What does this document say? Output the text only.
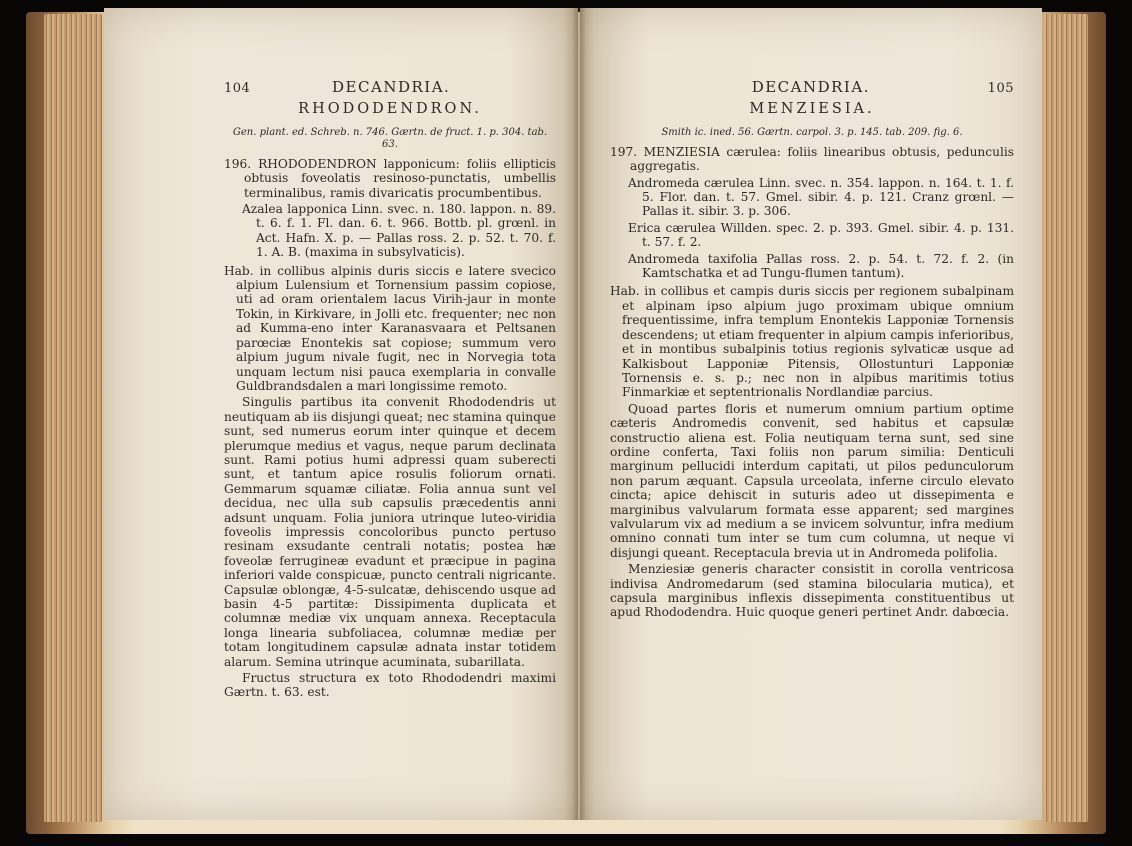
104	DECANDRIA.
RHODODENDRON.
Gen. plant. ed. Schreb. n. 746. Gærtn. de fruct. 1. p. 304. tab. 63.

196. RHODODENDRON lapponicum: foliis ellipticis obtusis foveolatis resinoso-punctatis, umbellis terminalibus, ramis divaricatis procumbentibus.

Azalea lapponica Linn. svec. n. 180. lappon. n. 89. t. 6. f. 1. Fl. dan. 6. t. 966. Bottb. pl. grœnl. in Act. Hafn. X. p. — Pallas ross. 2. p. 52. t. 70. f. 1. A. B. (maxima in subsylvaticis).

Hab. in collibus alpinis duris siccis e latere svecico alpium Lulensium et Tornensium passim copiose, uti ad oram orientalem lacus Virih-jaur in monte Tokin, in Kirkivare, in Jolli etc. frequenter; nec non ad Kumma-eno inter Karanasvaara et Peltsanen parœciæ Enontekis sat copiose; summum vero alpium jugum nivale fugit, nec in Norvegia tota unquam lectum nisi pauca exemplaria in convalle Guldbrandsdalen a mari longissime remoto.

Singulis partibus ita convenit Rhododendris ut neutiquam ab iis disjungi queat; nec stamina quinque sunt, sed numerus eorum inter quinque et decem plerumque medius et vagus, neque parum declinata sunt. Rami potius humi adpressi quam suberecti sunt, et tantum apice rosulis foliorum ornati. Gemmarum squamæ ciliatæ. Folia annua sunt vel decidua, nec ulla sub capsulis præcedentis anni adsunt unquam. Folia juniora utrinque luteo-viridia foveolis impressis concoloribus puncto pertuso resinam exsudante centrali notatis; postea hæ foveolæ ferrugineæ evadunt et præcipue in pagina inferiori valde conspicuæ, puncto centrali nigricante. Capsulæ oblongæ, 4-5-sulcatæ, dehiscendo usque ad basin 4-5 partitæ: Dissipimenta duplicata et columnæ mediæ vix unquam annexa. Receptacula longa linearia subfoliacea, columnæ mediæ per totam longitudinem capsulæ adnata instar totidem alarum. Semina utrinque acuminata, subarillata.

Fructus structura ex toto Rhododendri maximi Gærtn. t. 63. est.

DECANDRIA.	105
MENZIESIA.
Smith ic. ined. 56. Gærtn. carpol. 3. p. 145. tab. 209. fig. 6.

197. MENZIESIA cærulea: foliis linearibus obtusis, pedunculis aggregatis.

Andromeda cærulea Linn. svec. n. 354. lappon. n. 164. t. 1. f. 5. Flor. dan. t. 57. Gmel. sibir. 4. p. 121. Cranz grœnl. — Pallas it. sibir. 3. p. 306.

Erica cærulea Willden. spec. 2. p. 393. Gmel. sibir. 4. p. 131. t. 57. f. 2.

Andromeda taxifolia Pallas ross. 2. p. 54. t. 72. f. 2. (in Kamtschatka et ad Tungu-flumen tantum).

Hab. in collibus et campis duris siccis per regionem subalpinam et alpinam ipso alpium jugo proximam ubique omnium frequentissime, infra templum Enontekis Lapponiæ Tornensis descendens; ut etiam frequenter in alpium campis inferioribus, et in montibus subalpinis totius regionis sylvaticæ usque ad Kalkisbout Lapponiæ Pitensis, Ollostunturi Lapponiæ Tornensis e. s. p.; nec non in alpibus maritimis totius Finmarkiæ et septentrionalis Nordlandiæ parcius.

Quoad partes floris et numerum omnium partium optime cæteris Andromedis convenit, sed habitus et capsulæ constructio aliena est. Folia neutiquam terna sunt, sed sine ordine conferta, Taxi foliis non parum similia: Denticuli marginum pellucidi interdum capitati, ut pilos pedunculorum non parum æquant. Capsula urceolata, inferne circulo elevato cincta; apice dehiscit in suturis adeo ut dissepimenta e marginibus valvularum formata esse apparent; sed margines valvularum vix ad medium a se invicem solvuntur, infra medium omnino connati tum inter se tum cum columna, ut neque vi disjungi queant. Receptacula brevia ut in Andromeda polifolia.

Menziesiæ generis character consistit in corolla ventricosa indivisa Andromedarum (sed stamina bilocularia mutica), et capsula marginibus inflexis dissepimenta constituentibus ut apud Rhododendra. Huic quoque generi pertinet Andr. dabœcia.
